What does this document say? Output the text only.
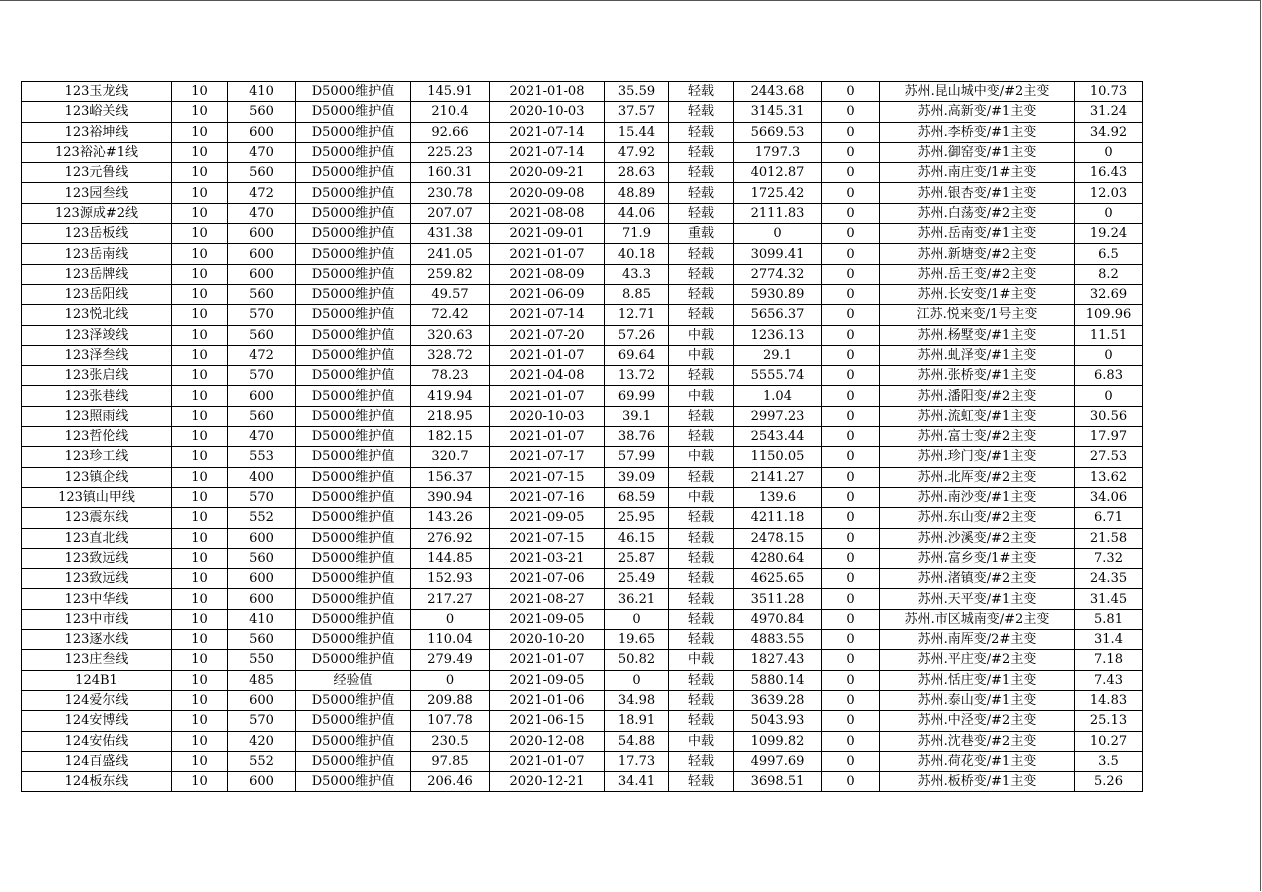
123玉龙线	10	410	D5000维护值	145.91	2021-01-08	35.59	轻载	2443.68	0	苏州.昆山城中变/#2主变	10.73
123峪关线	10	560	D5000维护值	210.4	2020-10-03	37.57	轻载	3145.31	0	苏州.高新变/#1主变	31.24
123裕坤线	10	600	D5000维护值	92.66	2021-07-14	15.44	轻载	5669.53	0	苏州.李桥变/#1主变	34.92
123裕沁#1线	10	470	D5000维护值	225.23	2021-07-14	47.92	轻载	1797.3	0	苏州.御窑变/#1主变	0
123元鲁线	10	560	D5000维护值	160.31	2020-09-21	28.63	轻载	4012.87	0	苏州.南庄变/1#主变	16.43
123园叁线	10	472	D5000维护值	230.78	2020-09-08	48.89	轻载	1725.42	0	苏州.银杏变/#1主变	12.03
123源成#2线	10	470	D5000维护值	207.07	2021-08-08	44.06	轻载	2111.83	0	苏州.白荡变/#2主变	0
123岳板线	10	600	D5000维护值	431.38	2021-09-01	71.9	重载	0	0	苏州.岳南变/#1主变	19.24
123岳南线	10	600	D5000维护值	241.05	2021-01-07	40.18	轻载	3099.41	0	苏州.新塘变/#2主变	6.5
123岳牌线	10	600	D5000维护值	259.82	2021-08-09	43.3	轻载	2774.32	0	苏州.岳王变/#2主变	8.2
123岳阳线	10	560	D5000维护值	49.57	2021-06-09	8.85	轻载	5930.89	0	苏州.长安变/1#主变	32.69
123悦北线	10	570	D5000维护值	72.42	2021-07-14	12.71	轻载	5656.37	0	江苏.悦来变/1号主变	109.96
123泽竣线	10	560	D5000维护值	320.63	2021-07-20	57.26	中载	1236.13	0	苏州.杨墅变/#1主变	11.51
123泽叁线	10	472	D5000维护值	328.72	2021-01-07	69.64	中载	29.1	0	苏州.虬泽变/#1主变	0
123张启线	10	570	D5000维护值	78.23	2021-04-08	13.72	轻载	5555.74	0	苏州.张桥变/#1主变	6.83
123张巷线	10	600	D5000维护值	419.94	2021-01-07	69.99	中载	1.04	0	苏州.潘阳变/#2主变	0
123照雨线	10	560	D5000维护值	218.95	2020-10-03	39.1	轻载	2997.23	0	苏州.流虹变/#1主变	30.56
123哲伦线	10	470	D5000维护值	182.15	2021-01-07	38.76	轻载	2543.44	0	苏州.富士变/#2主变	17.97
123珍工线	10	553	D5000维护值	320.7	2021-07-17	57.99	中载	1150.05	0	苏州.珍门变/#1主变	27.53
123镇企线	10	400	D5000维护值	156.37	2021-07-15	39.09	轻载	2141.27	0	苏州.北厍变/#2主变	13.62
123镇山甲线	10	570	D5000维护值	390.94	2021-07-16	68.59	中载	139.6	0	苏州.南沙变/#1主变	34.06
123震东线	10	552	D5000维护值	143.26	2021-09-05	25.95	轻载	4211.18	0	苏州.东山变/#2主变	6.71
123直北线	10	600	D5000维护值	276.92	2021-07-15	46.15	轻载	2478.15	0	苏州.沙溪变/#2主变	21.58
123致远线	10	560	D5000维护值	144.85	2021-03-21	25.87	轻载	4280.64	0	苏州.富乡变/1#主变	7.32
123致远线	10	600	D5000维护值	152.93	2021-07-06	25.49	轻载	4625.65	0	苏州.渚镇变/#2主变	24.35
123中华线	10	600	D5000维护值	217.27	2021-08-27	36.21	轻载	3511.28	0	苏州.天平变/#1主变	31.45
123中市线	10	410	D5000维护值	0	2021-09-05	0	轻载	4970.84	0	苏州.市区城南变/#2主变	5.81
123逐水线	10	560	D5000维护值	110.04	2020-10-20	19.65	轻载	4883.55	0	苏州.南厍变/2#主变	31.4
123庄叁线	10	550	D5000维护值	279.49	2021-01-07	50.82	中载	1827.43	0	苏州.平庄变/#2主变	7.18
124B1	10	485	经验值	0	2021-09-05	0	轻载	5880.14	0	苏州.恬庄变/#1主变	7.43
124爱尔线	10	600	D5000维护值	209.88	2021-01-06	34.98	轻载	3639.28	0	苏州.泰山变/#1主变	14.83
124安博线	10	570	D5000维护值	107.78	2021-06-15	18.91	轻载	5043.93	0	苏州.中泾变/#2主变	25.13
124安佑线	10	420	D5000维护值	230.5	2020-12-08	54.88	中载	1099.82	0	苏州.沈巷变/#2主变	10.27
124百盛线	10	552	D5000维护值	97.85	2021-01-07	17.73	轻载	4997.69	0	苏州.荷花变/#1主变	3.5
124板东线	10	600	D5000维护值	206.46	2020-12-21	34.41	轻载	3698.51	0	苏州.板桥变/#1主变	5.26
